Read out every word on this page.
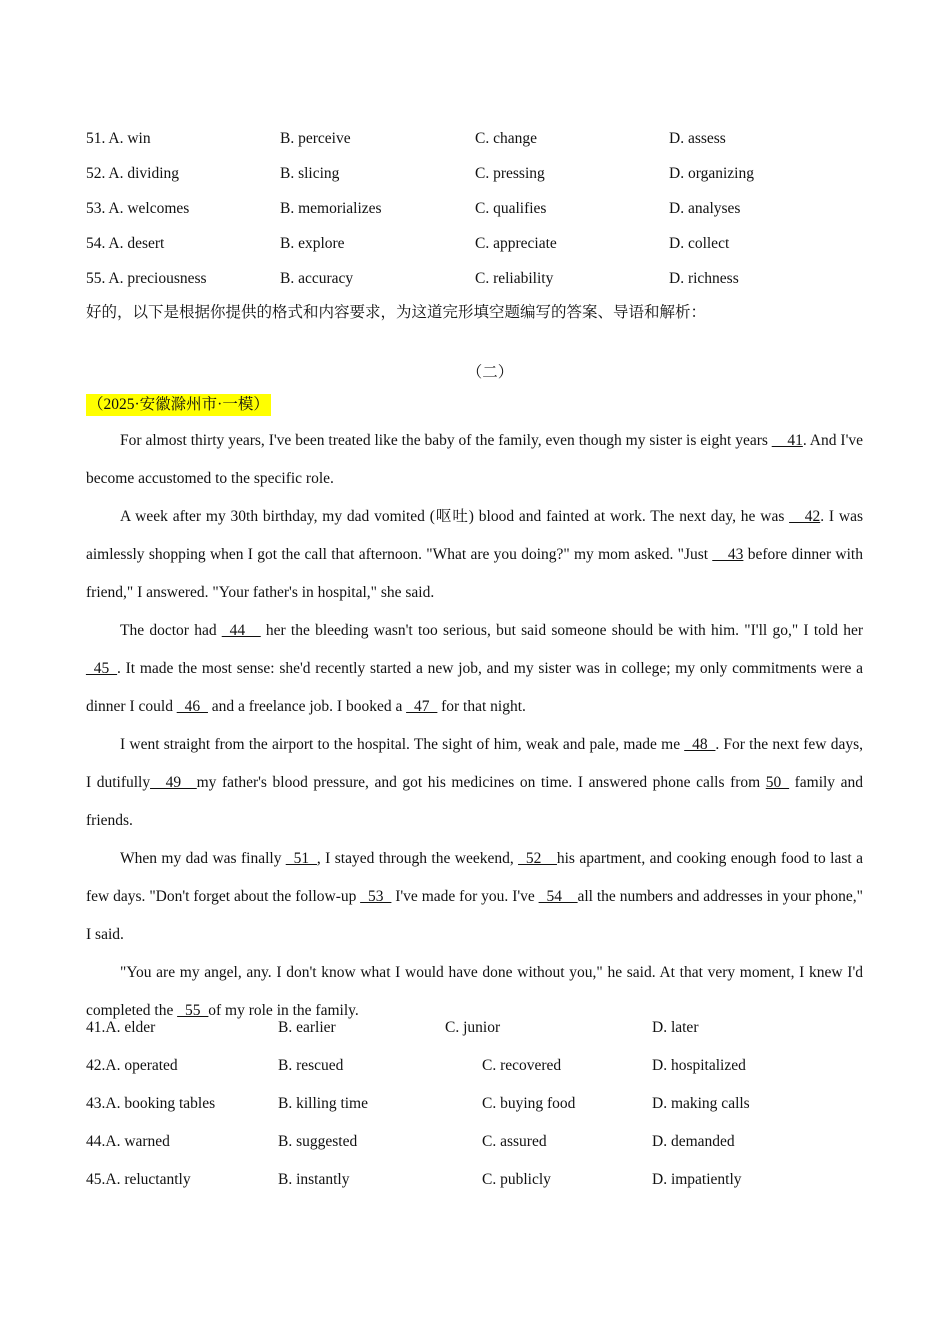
51. A. win	B. perceive	C. change	D. assess
52. A. dividing	B. slicing	C. pressing	D. organizing
53. A. welcomes	B. memorializes	C. qualifies	D. analyses
54. A. desert	B. explore	C. appreciate	D. collect
55. A. preciousness	B. accuracy	C. reliability	D. richness
好的，以下是根据你提供的格式和内容要求，为这道完形填空题编写的答案、导语和解析：
（二）
（2025·安徽滁州市·一模）

For almost thirty years, I've been treated like the baby of the family, even though my sister is eight years __41. And I've become accustomed to the specific role.

A week after my 30th birthday, my dad vomited (呕吐) blood and fainted at work. The next day, he was __42. I was aimlessly shopping when I got the call that afternoon. "What are you doing?" my mom asked. "Just __43 before dinner with friend," I answered. "Your father's in hospital," she said.

The doctor had _44__ her the bleeding wasn't too serious, but said someone should be with him. "I'll go," I told her _45_. It made the most sense: she'd recently started a new job, and my sister was in college; my only commitments were a dinner I could _46_ and a freelance job. I booked a _47_ for that night.

I went straight from the airport to the hospital. The sight of him, weak and pale, made me _48_. For the next few days, I dutifully__49__my father's blood pressure, and got his medicines on time. I answered phone calls from 50_ family and friends.

When my dad was finally _51_, I stayed through the weekend, _52__his apartment, and cooking enough food to last a few days. "Don't forget about the follow-up _53_ I've made for you. I've _54__all the numbers and addresses in your phone," I said.

"You are my angel, any. I don't know what I would have done without you," he said. At that very moment, I knew I'd completed the _55_of my role in the family.

41.A. elder	B. earlier	C. junior	D. later
42.A. operated	B. rescued	C. recovered	D. hospitalized
43.A. booking tables	B. killing time	C. buying food	D. making calls
44.A. warned	B. suggested	C. assured	D. demanded
45.A. reluctantly	B. instantly	C. publicly	D. impatiently
